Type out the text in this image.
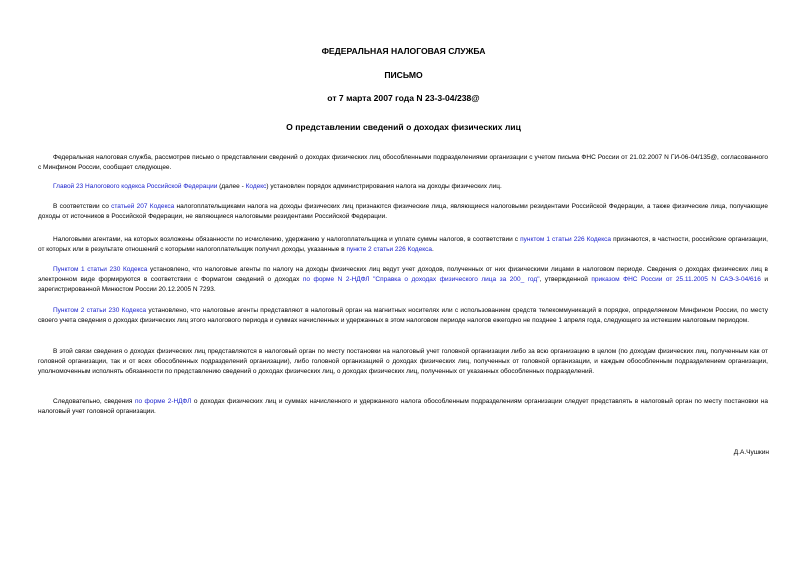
ФЕДЕРАЛЬНАЯ НАЛОГОВАЯ СЛУЖБА
ПИСЬМО
от 7 марта 2007 года N 23-3-04/238@
О представлении сведений о доходах физических лиц
Федеральная налоговая служба, рассмотрев письмо о представлении сведений о доходах физических лиц обособленными подразделениями организации с учетом письма ФНС России от 21.02.2007 N ГИ-06-04/135@, согласованного с Минфином России, сообщает следующее.
Главой 23 Налогового кодекса Российской Федерации (далее - Кодекс) установлен порядок администрирования налога на доходы физических лиц.
В соответствии со статьей 207 Кодекса налогоплательщиками налога на доходы физических лиц признаются физические лица, являющиеся налоговыми резидентами Российской Федерации, а также физические лица, получающие доходы от источников в Российской Федерации, не являющиеся налоговыми резидентами Российской Федерации.
Налоговыми агентами, на которых возложены обязанности по исчислению, удержанию у налогоплательщика и уплате суммы налогов, в соответствии с пунктом 1 статьи 226 Кодекса признаются, в частности, российские организации, от которых или в результате отношений с которыми налогоплательщик получил доходы, указанные в пункте 2 статьи 226 Кодекса.
Пунктом 1 статьи 230 Кодекса установлено, что налоговые агенты по налогу на доходы физических лиц ведут учет доходов, полученных от них физическими лицами в налоговом периоде. Сведения о доходах физических лиц в электронном виде формируются в соответствии с Форматом сведений о доходах по форме N 2-НДФЛ "Справка о доходах физического лица за 200_ год", утвержденной приказом ФНС России от 25.11.2005 N САЭ-3-04/616 и зарегистрированной Минюстом России 20.12.2005 N 7293.
Пунктом 2 статьи 230 Кодекса установлено, что налоговые агенты представляют в налоговый орган на магнитных носителях или с использованием средств телекоммуникаций в порядке, определяемом Минфином России, по месту своего учета сведения о доходах физических лиц этого налогового периода и суммах начисленных и удержанных в этом налоговом периоде налогов ежегодно не позднее 1 апреля года, следующего за истекшим налоговым периодом.
В этой связи сведения о доходах физических лиц представляются в налоговый орган по месту постановки на налоговый учет головной организации либо за всю организацию в целом (по доходам физических лиц, полученным как от головной организации, так и от всех обособленных подразделений организации), либо головной организацией о доходах физических лиц, полученных от головной организации, и каждым обособленным подразделением организации, уполномоченным исполнять обязанности по представлению сведений о доходах физических лиц, о доходах физических лиц, полученных от указанных обособленных подразделений.
Следовательно, сведения по форме 2-НДФЛ о доходах физических лиц и суммах начисленного и удержанного налога обособленным подразделениям организации следует представлять в налоговый орган по месту постановки на налоговый учет головной организации.
Д.А.Чушкин
